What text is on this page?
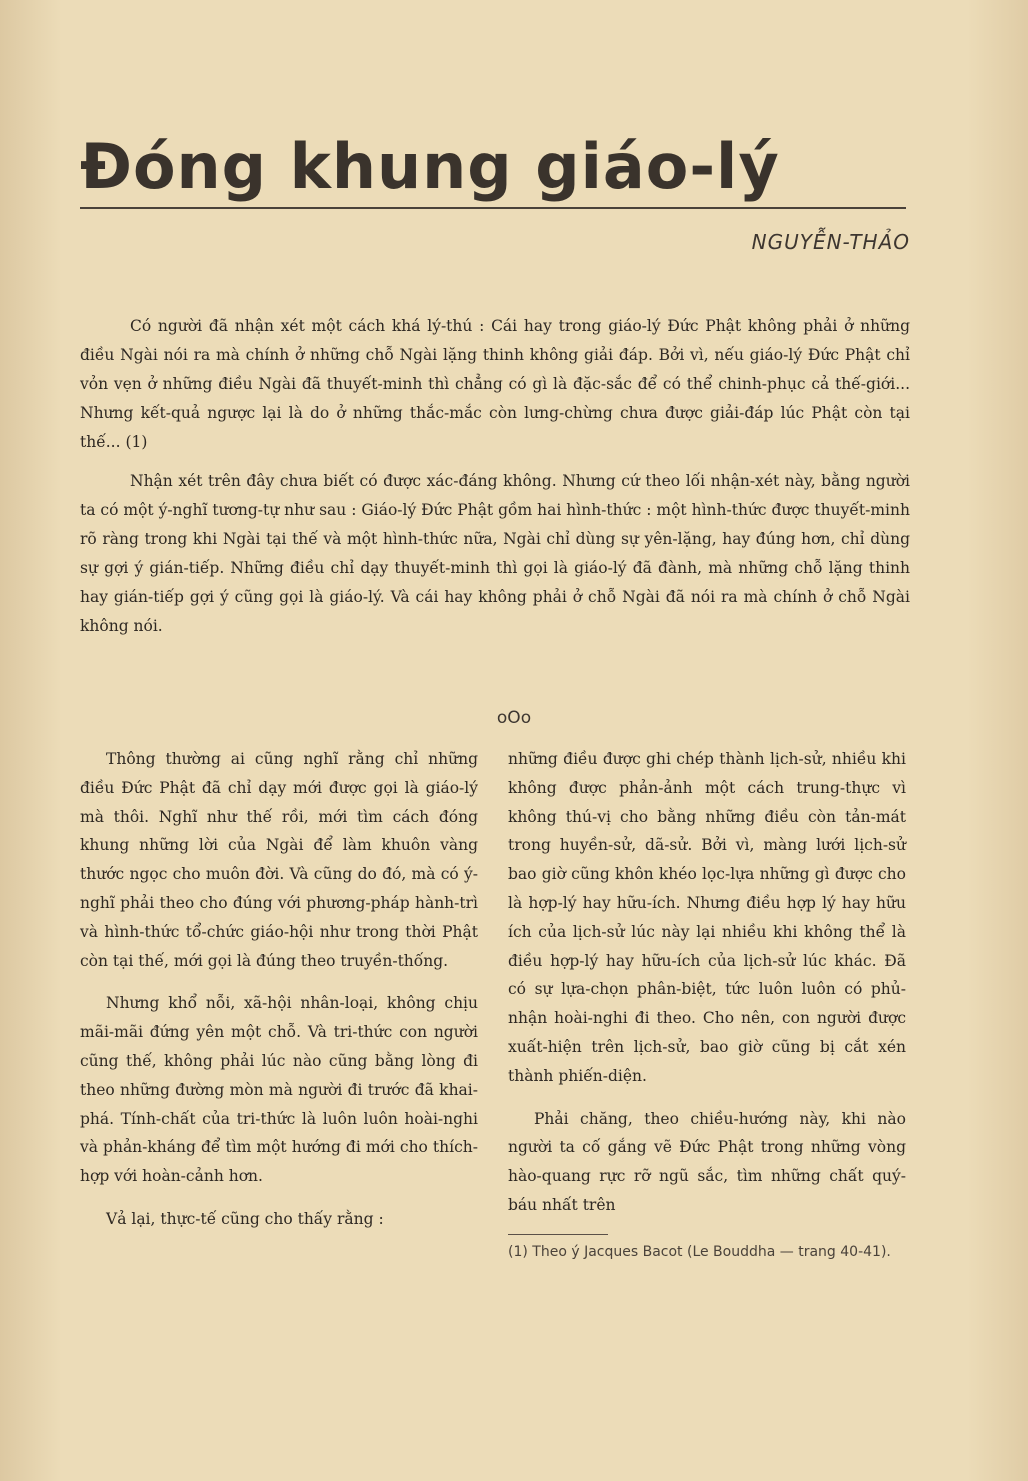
Đóng khung giáo-lý
NGUYỄN-THẢO

Có người đã nhận xét một cách khá lý-thú : Cái hay trong giáo-lý Đức Phật không phải ở những điều Ngài nói ra mà chính ở những chỗ Ngài lặng thinh không giải đáp. Bởi vì, nếu giáo-lý Đức Phật chỉ vỏn vẹn ở những điều Ngài đã thuyết-minh thì chẳng có gì là đặc-sắc để có thể chinh-phục cả thế-giới... Nhưng kết-quả ngược lại là do ở những thắc-mắc còn lưng-chừng chưa được giải-đáp lúc Phật còn tại thế... (1)

Nhận xét trên đây chưa biết có được xác-đáng không. Nhưng cứ theo lối nhận-xét này, bằng người ta có một ý-nghĩ tương-tự như sau : Giáo-lý Đức Phật gồm hai hình-thức : một hình-thức được thuyết-minh rõ ràng trong khi Ngài tại thế và một hình-thức nữa, Ngài chỉ dùng sự yên-lặng, hay đúng hơn, chỉ dùng sự gợi ý gián-tiếp. Những điều chỉ dạy thuyết-minh thì gọi là giáo-lý đã đành, mà những chỗ lặng thinh hay gián-tiếp gợi ý cũng gọi là giáo-lý. Và cái hay không phải ở chỗ Ngài đã nói ra mà chính ở chỗ Ngài không nói.

oOo

Thông thường ai cũng nghĩ rằng chỉ những điều Đức Phật đã chỉ dạy mới được gọi là giáo-lý mà thôi. Nghĩ như thế rồi, mới tìm cách đóng khung những lời của Ngài để làm khuôn vàng thước ngọc cho muôn đời. Và cũng do đó, mà có ý-nghĩ phải theo cho đúng với phương-pháp hành-trì và hình-thức tổ-chức giáo-hội như trong thời Phật còn tại thế, mới gọi là đúng theo truyền-thống.

Nhưng khổ nỗi, xã-hội nhân-loại, không chịu mãi-mãi đứng yên một chỗ. Và tri-thức con người cũng thế, không phải lúc nào cũng bằng lòng đi theo những đường mòn mà người đi trước đã khai-phá. Tính-chất của tri-thức là luôn luôn hoài-nghi và phản-kháng để tìm một hướng đi mới cho thích-hợp với hoàn-cảnh hơn.

Vả lại, thực-tế cũng cho thấy rằng :

những điều được ghi chép thành lịch-sử, nhiều khi không được phản-ảnh một cách trung-thực vì không thú-vị cho bằng những điều còn tản-mát trong huyền-sử, dã-sử. Bởi vì, màng lưới lịch-sử bao giờ cũng khôn khéo lọc-lựa những gì được cho là hợp-lý hay hữu-ích. Nhưng điều hợp lý hay hữu ích của lịch-sử lúc này lại nhiều khi không thể là điều hợp-lý hay hữu-ích của lịch-sử lúc khác. Đã có sự lựa-chọn phân-biệt, tức luôn luôn có phủ-nhận hoài-nghi đi theo. Cho nên, con người được xuất-hiện trên lịch-sử, bao giờ cũng bị cắt xén thành phiến-diện.

Phải chăng, theo chiều-hướng này, khi nào người ta cố gắng vẽ Đức Phật trong những vòng hào-quang rực rỡ ngũ sắc, tìm những chất quý-báu nhất trên

(1) Theo ý Jacques Bacot (Le Bouddha — trang 40-41).
